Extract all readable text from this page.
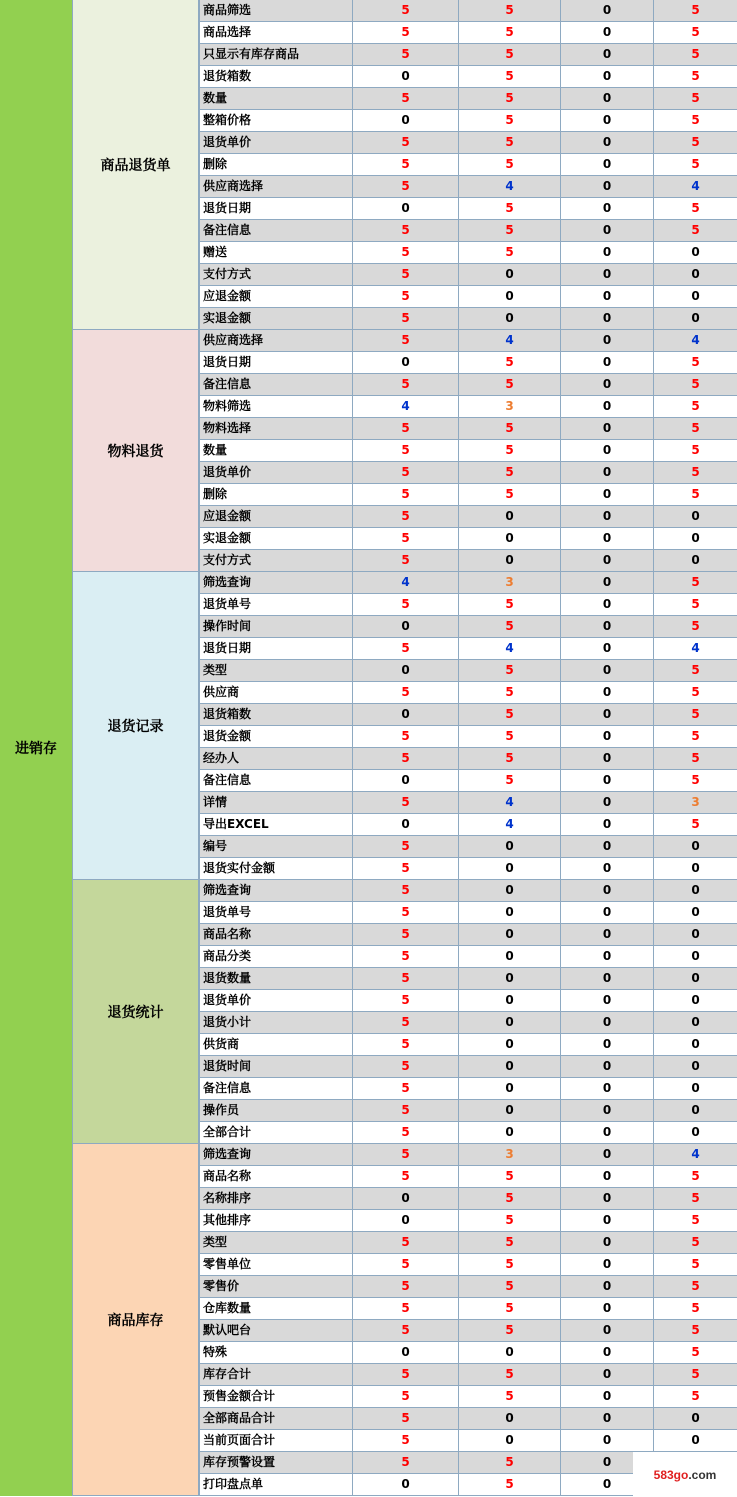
进销存
商品退货单
商品筛选	5	5	0	5
商品选择	5	5	0	5
只显示有库存商品	5	5	0	5
退货箱数	0	5	0	5
数量	5	5	0	5
整箱价格	0	5	0	5
退货单价	5	5	0	5
删除	5	5	0	5
供应商选择	5	4	0	4
退货日期	0	5	0	5
备注信息	5	5	0	5
赠送	5	5	0	0
支付方式	5	0	0	0
应退金额	5	0	0	0
实退金额	5	0	0	0
物料退货
供应商选择	5	4	0	4
退货日期	0	5	0	5
备注信息	5	5	0	5
物料筛选	4	3	0	5
物料选择	5	5	0	5
数量	5	5	0	5
退货单价	5	5	0	5
删除	5	5	0	5
应退金额	5	0	0	0
实退金额	5	0	0	0
支付方式	5	0	0	0
退货记录
筛选查询	4	3	0	5
退货单号	5	5	0	5
操作时间	0	5	0	5
退货日期	5	4	0	4
类型	0	5	0	5
供应商	5	5	0	5
退货箱数	0	5	0	5
退货金额	5	5	0	5
经办人	5	5	0	5
备注信息	0	5	0	5
详情	5	4	0	3
导出EXCEL	0	4	0	5
编号	5	0	0	0
退货实付金额	5	0	0	0
退货统计
筛选查询	5	0	0	0
退货单号	5	0	0	0
商品名称	5	0	0	0
商品分类	5	0	0	0
退货数量	5	0	0	0
退货单价	5	0	0	0
退货小计	5	0	0	0
供货商	5	0	0	0
退货时间	5	0	0	0
备注信息	5	0	0	0
操作员	5	0	0	0
全部合计	5	0	0	0
商品库存
筛选查询	5	3	0	4
商品名称	5	5	0	5
名称排序	0	5	0	5
其他排序	0	5	0	5
类型	5	5	0	5
零售单位	5	5	0	5
零售价	5	5	0	5
仓库数量	5	5	0	5
默认吧台	5	5	0	5
特殊	0	0	0	5
库存合计	5	5	0	5
预售金额合计	5	5	0	5
全部商品合计	5	0	0	0
当前页面合计	5	0	0	0
库存预警设置	5	5	0
打印盘点单	0	5	0
583go .com
